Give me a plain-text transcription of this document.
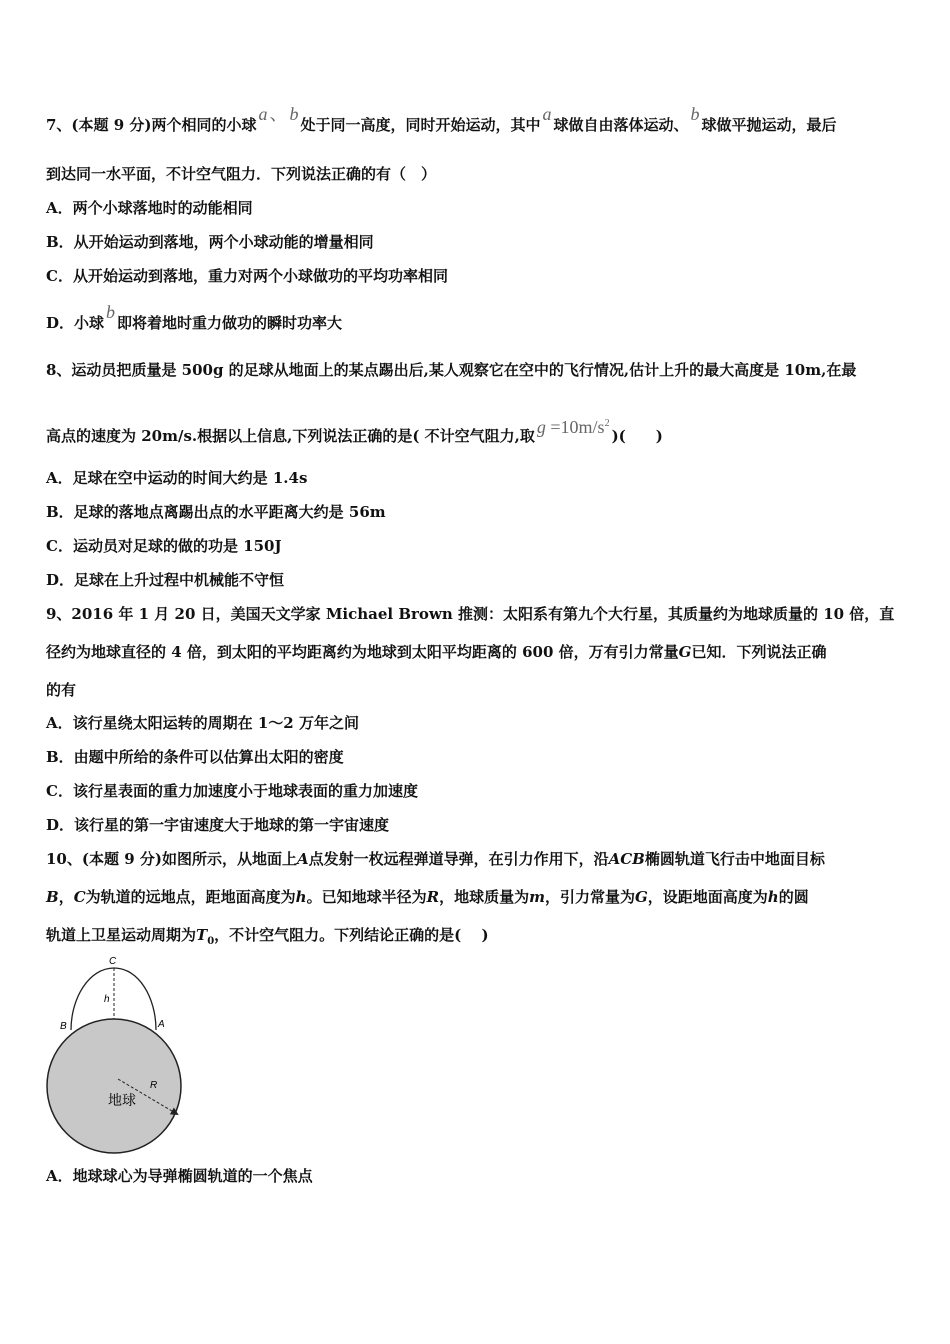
7、(本题 9 分)两个相同的小球a 、 b处于同一高度，同时开始运动，其中a球做自由落体运动、b球做平抛运动，最后
到达同一水平面，不计空气阻力．下列说法正确的有（　）
A．两个小球落地时的动能相同
B．从开始运动到落地，两个小球动能的增量相同
C．从开始运动到落地，重力对两个小球做功的平均功率相同
D．小球b即将着地时重力做功的瞬时功率大
8、运动员把质量是 500g 的足球从地面上的某点踢出后,某人观察它在空中的飞行情况,估计上升的最大高度是 10m,在最
高点的速度为 20m/s.根据以上信息,下列说法正确的是( 不计空气阻力,取 $g =10m/s^2$)(　　)
A．足球在空中运动的时间大约是 1.4s
B．足球的落地点离踢出点的水平距离大约是 56m
C．运动员对足球的做的功是 150J
D．足球在上升过程中机械能不守恒
9、2016 年 1 月 20 日，美国天文学家 Michael Brown 推测：太阳系有第九个大行星，其质量约为地球质量的 10 倍，直
径约为地球直径的 4 倍，到太阳的平均距离约为地球到太阳平均距离的 600 倍，万有引力常量G已知．下列说法正确
的有
A．该行星绕太阳运转的周期在 1～2 万年之间
B．由题中所给的条件可以估算出太阳的密度
C．该行星表面的重力加速度小于地球表面的重力加速度
D．该行星的第一宇宙速度大于地球的第一宇宙速度
10、(本题 9 分)如图所示，从地面上A点发射一枚远程弹道导弹，在引力作用下，沿ACB椭圆轨道飞行击中地面目标
B，C为轨道的远地点，距地面高度为h。已知地球半径为R，地球质量为m，引力常量为G，设距地面高度为h的圆
轨道上卫星运动周期为$T_0$，不计空气阻力。下列结论正确的是(　 )
C
h
B	A
R
地球
A．地球球心为导弹椭圆轨道的一个焦点
